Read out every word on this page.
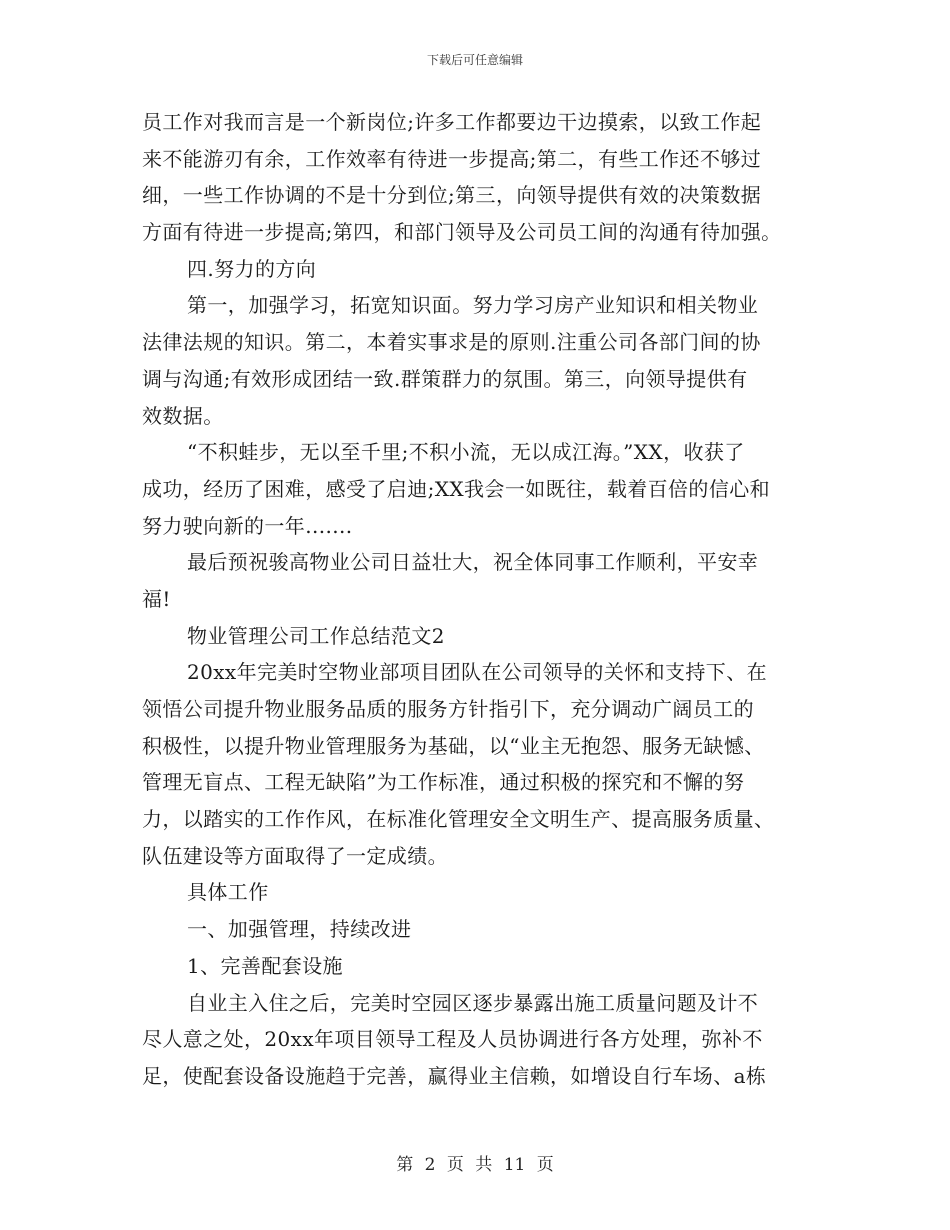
下载后可任意编辑
员工作对我而言是一个新岗位;许多工作都要边干边摸索，以致工作起
来不能游刃有余，工作效率有待进一步提高;第二，有些工作还不够过
细，一些工作协调的不是十分到位;第三，向领导提供有效的决策数据
方面有待进一步提高;第四，和部门领导及公司员工间的沟通有待加强。
四.努力的方向
第一，加强学习，拓宽知识面。努力学习房产业知识和相关物业
法律法规的知识。第二，本着实事求是的原则.注重公司各部门间的协
调与沟通;有效形成团结一致.群策群力的氛围。第三，向领导提供有
效数据。
“不积蛙步，无以至千里;不积小流，无以成江海。”XX，收获了
成功，经历了困难，感受了启迪;XX我会一如既往，载着百倍的信心和
努力驶向新的一年.......
最后预祝骏高物业公司日益壮大，祝全体同事工作顺利，平安幸
福!
物业管理公司工作总结范文2
20xx年完美时空物业部项目团队在公司领导的关怀和支持下、在
领悟公司提升物业服务品质的服务方针指引下，充分调动广阔员工的
积极性，以提升物业管理服务为基础，以“业主无抱怨、服务无缺憾、
管理无盲点、工程无缺陷”为工作标准，通过积极的探究和不懈的努
力，以踏实的工作作风，在标准化管理安全文明生产、提高服务质量、
队伍建设等方面取得了一定成绩。
具体工作
一、加强管理，持续改进
1、完善配套设施
自业主入住之后，完美时空园区逐步暴露出施工质量问题及计不
尽人意之处，20xx年项目领导工程及人员协调进行各方处理，弥补不
足，使配套设备设施趋于完善，赢得业主信赖，如增设自行车场、a栋
第 2 页 共 11 页
